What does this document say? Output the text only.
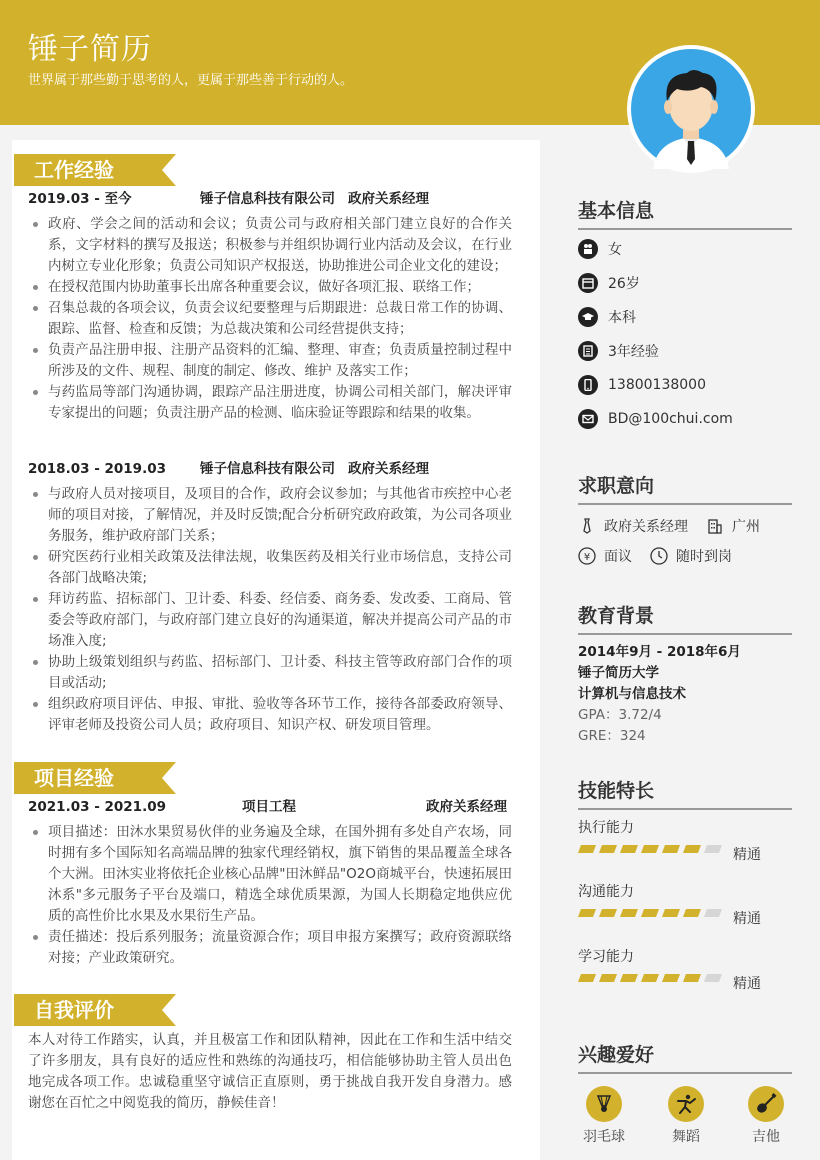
锤子简历
世界属于那些勤于思考的人，更属于那些善于行动的人。
工作经验
2019.03 - 至今	锤子信息科技有限公司 政府关系经理
政府、学会之间的活动和会议；负责公司与政府相关部门建立良好的合作关系，文字材料的撰写及报送；积极参与并组织协调行业内活动及会议，在行业内树立专业化形象；负责公司知识产权报送，协助推进公司企业文化的建设；
在授权范围内协助董事长出席各种重要会议，做好各项汇报、联络工作；
召集总裁的各项会议，负责会议纪要整理与后期跟进：总裁日常工作的协调、跟踪、监督、检查和反馈；为总裁决策和公司经营提供支持；
负责产品注册申报、注册产品资料的汇编、整理、审查；负责质量控制过程中所涉及的文件、规程、制度的制定、修改、维护 及落实工作；
与药监局等部门沟通协调，跟踪产品注册进度，协调公司相关部门，解决评审专家提出的问题；负责注册产品的检测、临床验证等跟踪和结果的收集。
2018.03 - 2019.03	锤子信息科技有限公司 政府关系经理
与政府人员对接项目，及项目的合作，政府会议参加；与其他省市疾控中心老师的项目对接，了解情况，并及时反馈;配合分析研究政府政策，为公司各项业务服务，维护政府部门关系；
研究医药行业相关政策及法律法规，收集医药及相关行业市场信息，支持公司各部门战略决策;
拜访药监、招标部门、卫计委、科委、经信委、商务委、发改委、工商局、管委会等政府部门，与政府部门建立良好的沟通渠道，解决并提高公司产品的市场准入度;
协助上级策划组织与药监、招标部门、卫计委、科技主管等政府部门合作的项目或活动;
组织政府项目评估、申报、审批、验收等各环节工作，接待各部委政府领导、评审老师及投资公司人员；政府项目、知识产权、研发项目管理。
项目经验
2021.03 - 2021.09	项目工程	政府关系经理
项目描述：田沐水果贸易伙伴的业务遍及全球，在国外拥有多处自产农场，同时拥有多个国际知名高端品牌的独家代理经销权，旗下销售的果品覆盖全球各个大洲。田沐实业将依托企业核心品牌"田沐鲜品"O2O商城平台，快速拓展田沐系"多元服务子平台及端口，精选全球优质果源，为国人长期稳定地供应优质的高性价比水果及水果衍生产品。
责任描述：投后系列服务；流量资源合作；项目申报方案撰写；政府资源联络对接；产业政策研究。
自我评价
本人对待工作踏实，认真，并且极富工作和团队精神，因此在工作和生活中结交了许多朋友，具有良好的适应性和熟练的沟通技巧，相信能够协助主管人员出色地完成各项工作。忠诚稳重坚守诚信正直原则，勇于挑战自我开发自身潜力。感谢您在百忙之中阅览我的简历，静候佳音！
基本信息
女
26岁
本科
3年经验
13800138000
BD@100chui.com
求职意向
政府关系经理	广州
¥ 面议	随时到岗
教育背景
2014年9月 - 2018年6月
锤子简历大学
计算机与信息技术
GPA：3.72/4
GRE：324
技能特长
执行能力
精通
沟通能力
精通
学习能力
精通
兴趣爱好
羽毛球	舞蹈	吉他
